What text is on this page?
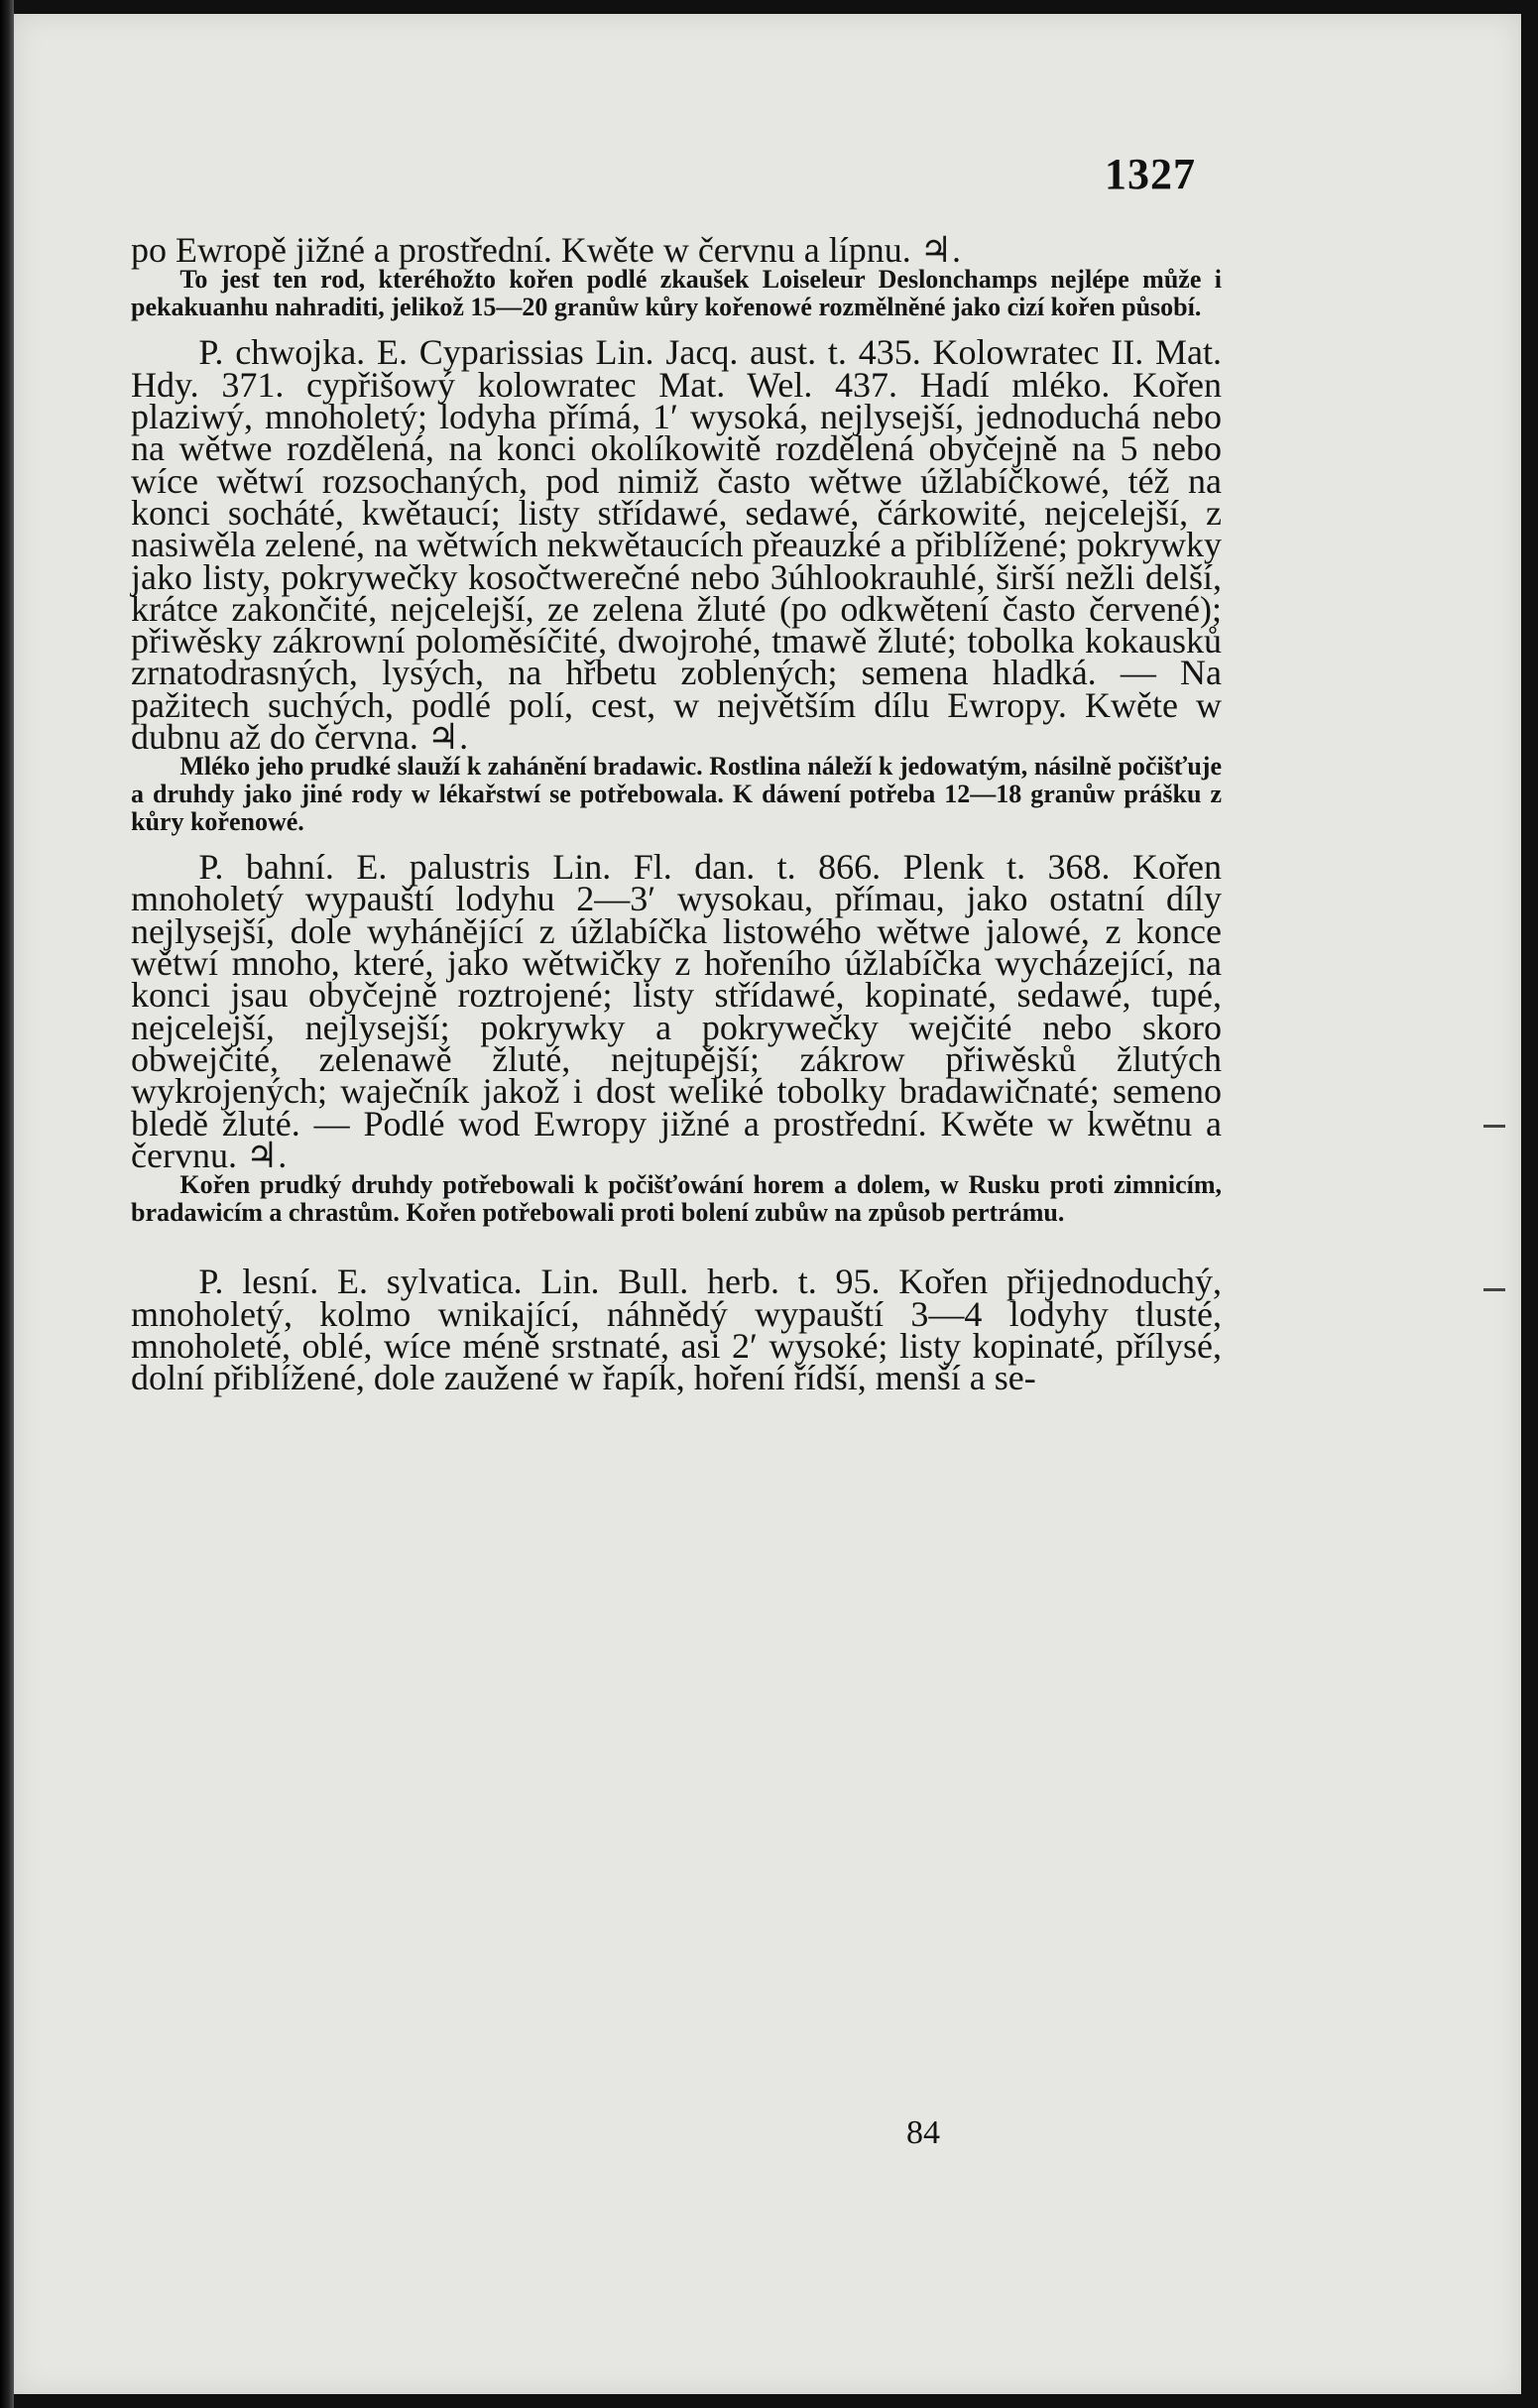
1327

po Ewropě jižné a prostřední. Kwěte w červnu a lípnu. ♃.

To jest ten rod, kteréhožto kořen podlé zkaušek Loiseleur Deslonchamps nejlépe může i pekakuanhu nahraditi, jelikož 15—20 granůw kůry kořenowé rozmělněné jako cizí kořen působí.

P. chwojka. E. Cyparissias Lin. Jacq. aust. t. 435. Kolowratec II. Mat. Hdy. 371. cypřišowý kolowratec Mat. Wel. 437. Hadí mléko. Kořen plaziwý, mnoholetý; lodyha přímá, 1′ wysoká, nejlysejší, jednoduchá nebo na wětwe rozdělená, na konci okolíkowitě rozdělená obyčejně na 5 nebo wíce wětwí rozsochaných, pod nimiž často wětwe úžlabíčkowé, též na konci socháté, kwětaucí; listy střídawé, sedawé, čárkowité, nejcelejší, z nasiwěla zelené, na wětwích nekwětaucích přeauzké a přiblížené; pokrywky jako listy, pokrywečky kosočtwerečné nebo 3úhlookrauhlé, širší nežli delší, krátce zakončité, nejcelejší, ze zelena žluté (po odkwětení často červené); přiwěsky zákrowní poloměsíčité, dwojrohé, tmawě žluté; tobolka kokausků zrnatodrasných, lysých, na hřbetu zoblených; semena hladká. — Na pažitech suchých, podlé polí, cest, w největším dílu Ewropy. Kwěte w dubnu až do června. ♃.

Mléko jeho prudké slauží k zahánění bradawic. Rostlina náleží k jedowatým, násilně počišťuje a druhdy jako jiné rody w lékařstwí se potřebowala. K dáwení potřeba 12—18 granůw prášku z kůry kořenowé.

P. bahní. E. palustris Lin. Fl. dan. t. 866. Plenk t. 368. Kořen mnoholetý wypauští lodyhu 2—3′ wysokau, přímau, jako ostatní díly nejlysejší, dole wyhánějící z úžlabíčka listowého wětwe jalowé, z konce wětwí mnoho, které, jako wětwičky z hořeního úžlabíčka wycházející, na konci jsau obyčejně roztrojené; listy střídawé, kopinaté, sedawé, tupé, nejcelejší, nejlysejší; pokrywky a pokrywečky wejčité nebo skoro obwejčité, zelenawě žluté, nejtupější; zákrow přiwěsků žlutých wykrojených; waječník jakož i dost weliké tobolky bradawičnaté; semeno bledě žluté. — Podlé wod Ewropy jižné a prostřední. Kwěte w kwětnu a červnu. ♃.

Kořen prudký druhdy potřebowali k počišťowání horem a dolem, w Rusku proti zimnicím, bradawicím a chrastům. Kořen potřebowali proti bolení zubůw na způsob pertrámu.

P. lesní. E. sylvatica. Lin. Bull. herb. t. 95. Kořen přijednoduchý, mnoholetý, kolmo wnikající, náhnědý wypauští 3—4 lodyhy tlusté, mnoholeté, oblé, wíce méně srstnaté, asi 2′ wysoké; listy kopinaté, přílysé, dolní přiblížené, dole zaužené w řapík, hoření řídší, menší a se-

84
